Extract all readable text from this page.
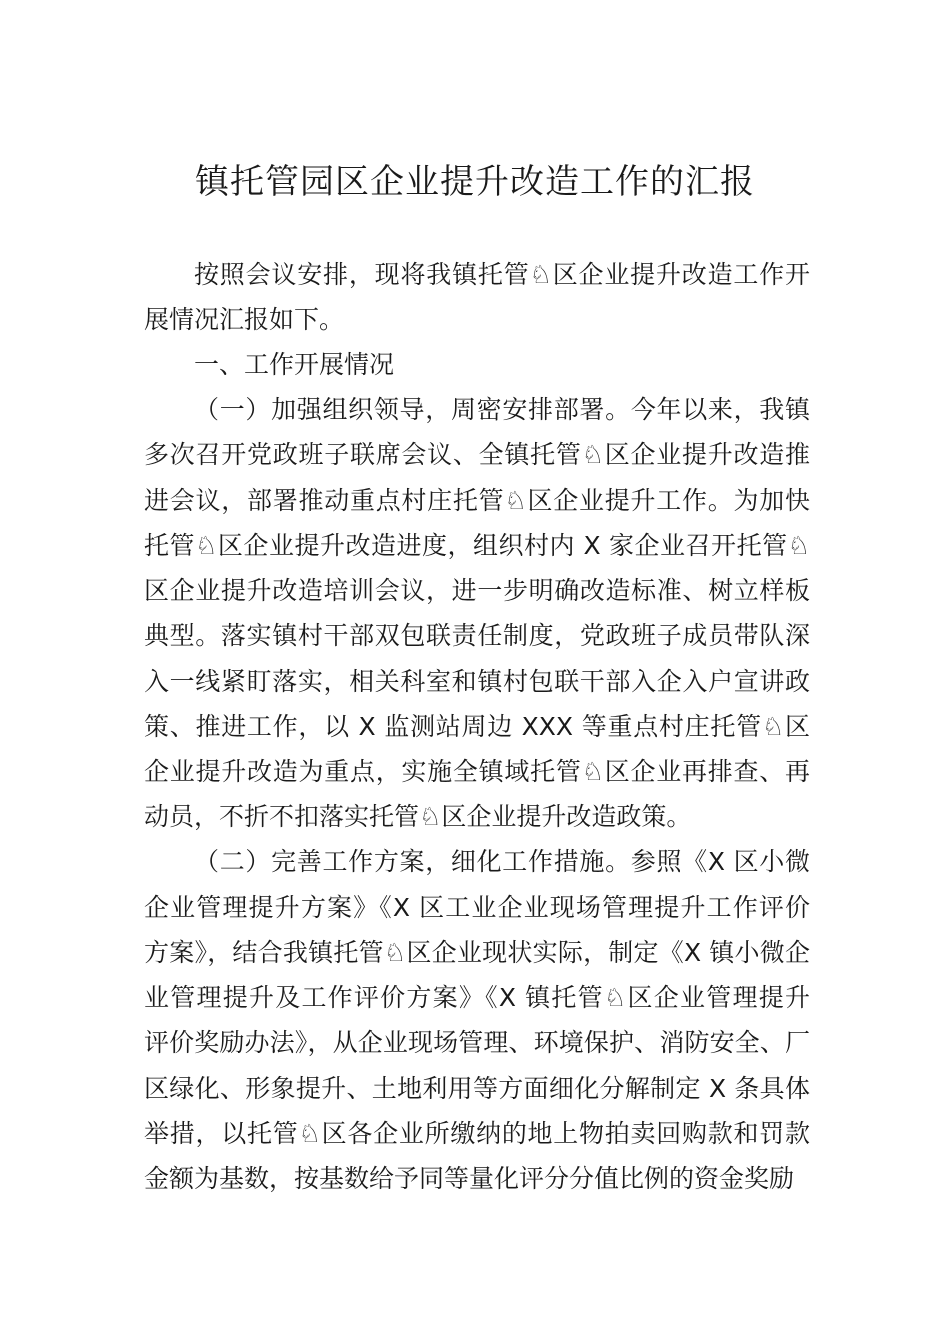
镇托管园区企业提升改造工作的汇报
按照会议安排，现将我镇托管♘区企业提升改造工作开
展情况汇报如下。
一、工作开展情况
（一）加强组织领导，周密安排部署。今年以来，我镇
多次召开党政班子联席会议、全镇托管♘区企业提升改造推
进会议，部署推动重点村庄托管♘区企业提升工作。为加快
托管♘区企业提升改造进度，组织村内 X 家企业召开托管♘
区企业提升改造培训会议，进一步明确改造标准、树立样板
典型。落实镇村干部双包联责任制度，党政班子成员带队深
入一线紧盯落实，相关科室和镇村包联干部入企入户宣讲政
策、推进工作，以 X 监测站周边 XXX 等重点村庄托管♘区
企业提升改造为重点，实施全镇域托管♘区企业再排查、再
动员，不折不扣落实托管♘区企业提升改造政策。
（二）完善工作方案，细化工作措施。参照《X 区小微
企业管理提升方案》《X 区工业企业现场管理提升工作评价
方案》，结合我镇托管♘区企业现状实际，制定《X 镇小微企
业管理提升及工作评价方案》《X 镇托管♘区企业管理提升
评价奖励办法》，从企业现场管理、环境保护、消防安全、厂
区绿化、形象提升、土地利用等方面细化分解制定 X 条具体
举措，以托管♘区各企业所缴纳的地上物拍卖回购款和罚款
金额为基数，按基数给予同等量化评分分值比例的资金奖励
